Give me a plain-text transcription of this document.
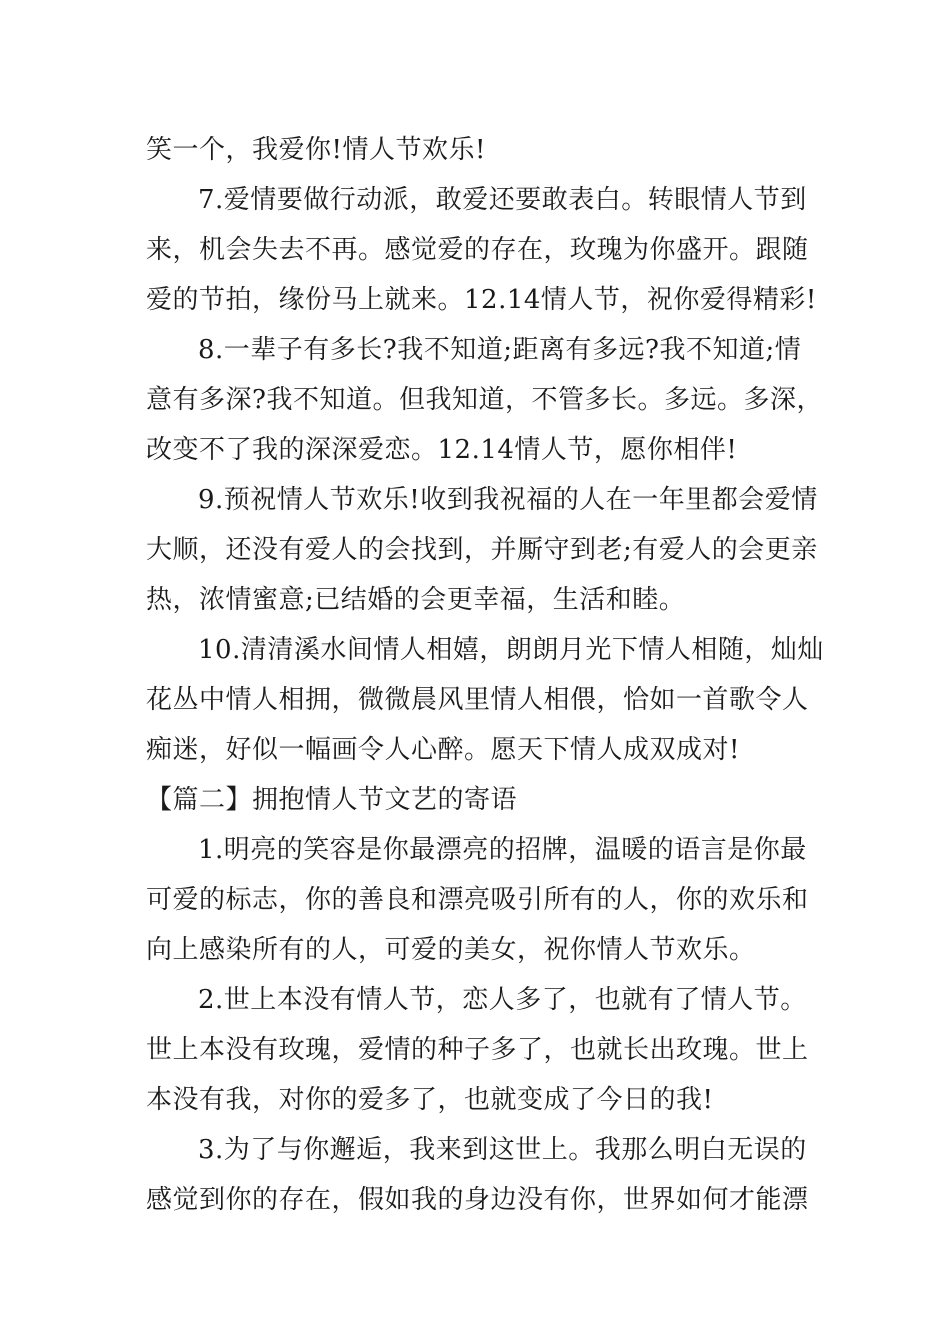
笑一个，我爱你!情人节欢乐!
7.爱情要做行动派，敢爱还要敢表白。转眼情人节到
来，机会失去不再。感觉爱的存在，玫瑰为你盛开。跟随
爱的节拍，缘份马上就来。12.14情人节，祝你爱得精彩!
8.一辈子有多长?我不知道;距离有多远?我不知道;情
意有多深?我不知道。但我知道，不管多长。多远。多深，
改变不了我的深深爱恋。12.14情人节，愿你相伴!
9.预祝情人节欢乐!收到我祝福的人在一年里都会爱情
大顺，还没有爱人的会找到，并厮守到老;有爱人的会更亲
热，浓情蜜意;已结婚的会更幸福，生活和睦。
10.清清溪水间情人相嬉，朗朗月光下情人相随，灿灿
花丛中情人相拥，微微晨风里情人相偎，恰如一首歌令人
痴迷，好似一幅画令人心醉。愿天下情人成双成对!
【篇二】拥抱情人节文艺的寄语
1.明亮的笑容是你最漂亮的招牌，温暖的语言是你最
可爱的标志，你的善良和漂亮吸引所有的人，你的欢乐和
向上感染所有的人，可爱的美女，祝你情人节欢乐。
2.世上本没有情人节，恋人多了，也就有了情人节。
世上本没有玫瑰，爱情的种子多了，也就长出玫瑰。世上
本没有我，对你的爱多了，也就变成了今日的我!
3.为了与你邂逅，我来到这世上。我那么明白无误的
感觉到你的存在，假如我的身边没有你，世界如何才能漂
